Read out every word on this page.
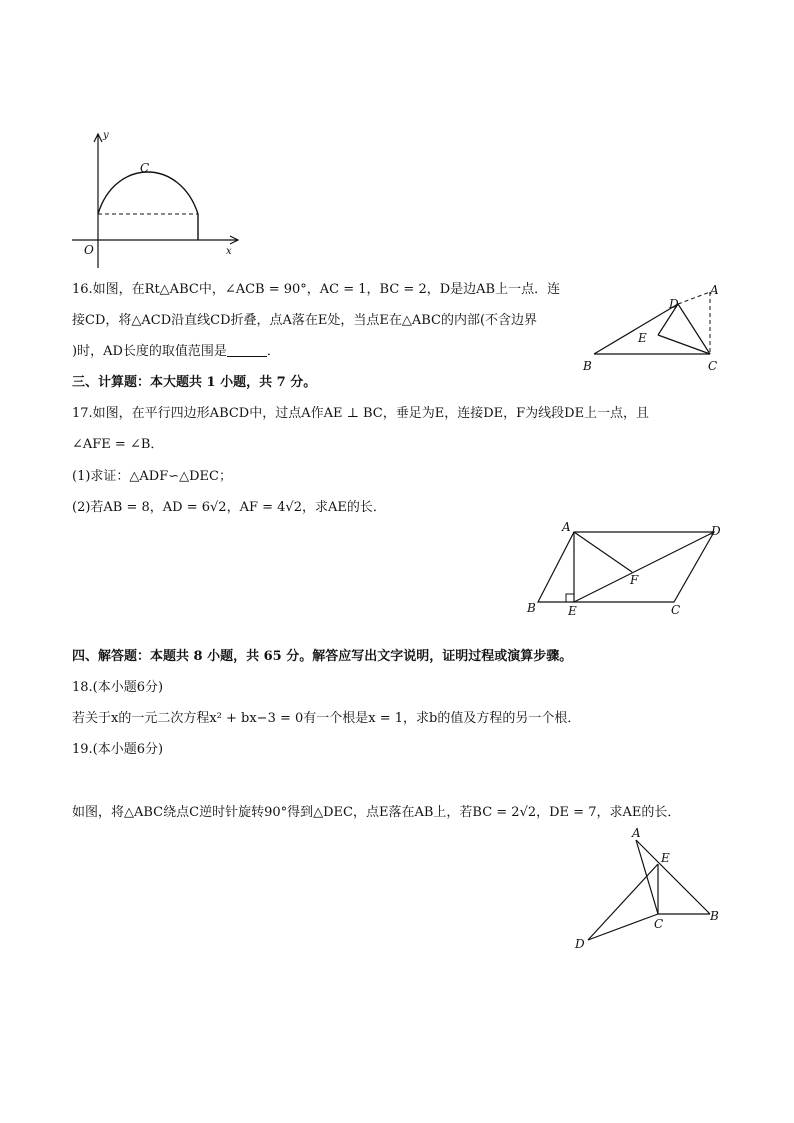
y
C
O	x
16.如图，在Rt△ABC中，∠ACB = 90°，AC = 1，BC = 2，D是边AB上一点．连
接CD，将△ACD沿直线CD折叠，点A落在E处，当点E在△ABC的内部(不含边界
)时，AD长度的取值范围是	．
A
D
E
B	C
三、计算题：本大题共 1 小题，共 7 分。
17.如图，在平行四边形ABCD中，过点A作AE ⊥ BC，垂足为E，连接DE，F为线段DE上一点，且
∠AFE = ∠B．
(1)求证：△ADF∽△DEC；
(2)若AB = 8，AD = 6√2，AF = 4√2，求AE的长．
A	D
F
B	E	C
四、解答题：本题共 8 小题，共 65 分。解答应写出文字说明，证明过程或演算步骤。
18.(本小题6分)
若关于x的一元二次方程x² + bx−3 = 0有一个根是x = 1，求b的值及方程的另一个根．
19.(本小题6分)
如图，将△ABC绕点C逆时针旋转90°得到△DEC，点E落在AB上，若BC = 2√2，DE = 7，求AE的长．
A
E
B
C
D
